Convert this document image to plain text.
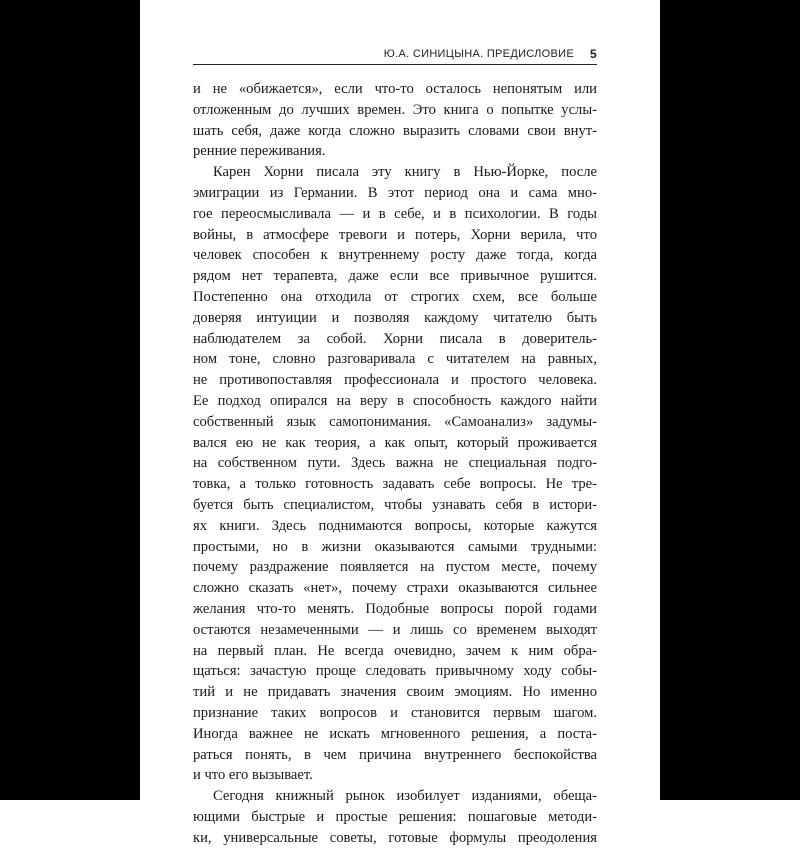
Ю.А. СИНИЦЫНА. ПРЕДИСЛОВИЕ 5
и не «обижается», если что-то осталось непонятым или
отложенным до лучших времен. Это книга о попытке услы-
шать себя, даже когда сложно выразить словами свои внут-
ренние переживания.
Карен Хорни писала эту книгу в Нью-Йорке, после
эмиграции из Германии. В этот период она и сама мно-
гое переосмысливала — и в себе, и в психологии. В годы
войны, в атмосфере тревоги и потерь, Хорни верила, что
человек способен к внутреннему росту даже тогда, когда
рядом нет терапевта, даже если все привычное рушится.
Постепенно она отходила от строгих схем, все больше
доверяя интуиции и позволяя каждому читателю быть
наблюдателем за собой. Хорни писала в доверитель-
ном тоне, словно разговаривала с читателем на равных,
не противопоставляя профессионала и простого человека.
Ее подход опирался на веру в способность каждого найти
собственный язык самопонимания. «Самоанализ» задумы-
вался ею не как теория, а как опыт, который проживается
на собственном пути. Здесь важна не специальная подго-
товка, а только готовность задавать себе вопросы. Не тре-
буется быть специалистом, чтобы узнавать себя в истори-
ях книги. Здесь поднимаются вопросы, которые кажутся
простыми, но в жизни оказываются самыми трудными:
почему раздражение появляется на пустом месте, почему
сложно сказать «нет», почему страхи оказываются сильнее
желания что-то менять. Подобные вопросы порой годами
остаются незамеченными — и лишь со временем выходят
на первый план. Не всегда очевидно, зачем к ним обра-
щаться: зачастую проще следовать привычному ходу собы-
тий и не придавать значения своим эмоциям. Но именно
признание таких вопросов и становится первым шагом.
Иногда важнее не искать мгновенного решения, а постa-
раться понять, в чем причина внутреннего беспокойства
и что его вызывает.
Сегодня книжный рынок изобилует изданиями, обеща-
ющими быстрые и простые решения: пошаговые методи-
ки, универсальные советы, готовые формулы преодоления
